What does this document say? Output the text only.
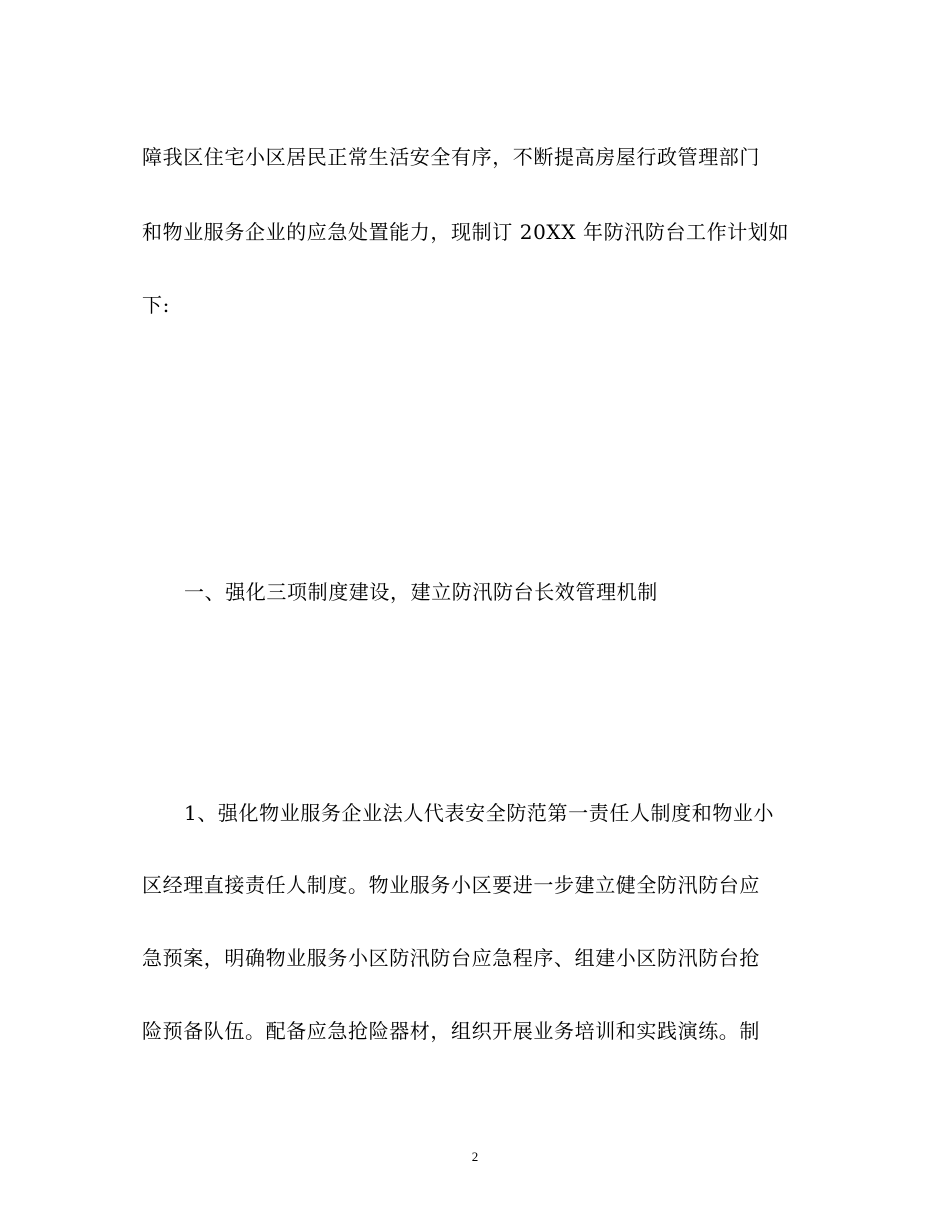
障我区住宅小区居民正常生活安全有序，不断提高房屋行政管理部门
和物业服务企业的应急处置能力，现制订 20XX 年防汛防台工作计划如
下:
一、强化三项制度建设，建立防汛防台长效管理机制
1、强化物业服务企业法人代表安全防范第一责任人制度和物业小
区经理直接责任人制度。物业服务小区要进一步建立健全防汛防台应
急预案，明确物业服务小区防汛防台应急程序、组建小区防汛防台抢
险预备队伍。配备应急抢险器材，组织开展业务培训和实践演练。制
2
